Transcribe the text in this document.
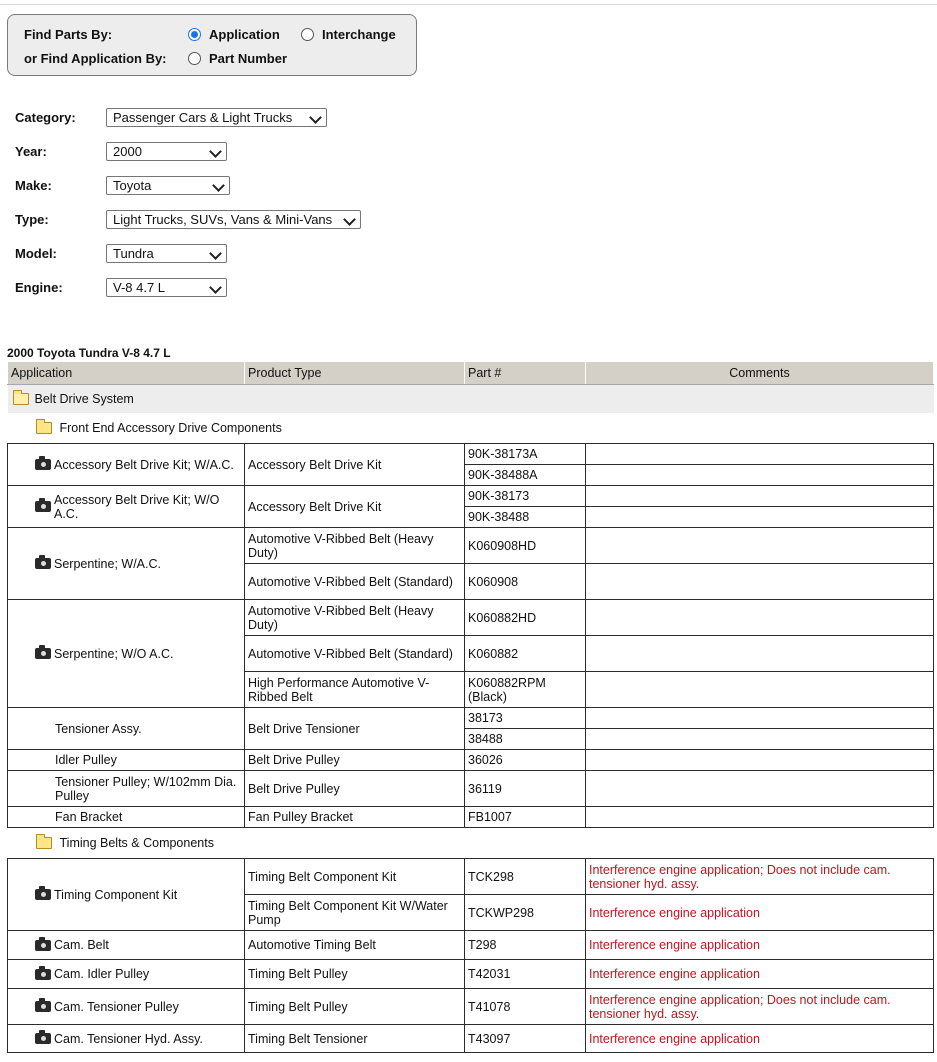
Find Parts By:
or Find Application By:
Application	Interchange
Part Number
Category:	Passenger Cars & Light Trucks
Year:	2000
Make:	Toyota
Type:	Light Trucks, SUVs, Vans & Mini-Vans
Model:	Tundra
Engine:	V-8 4.7 L
2000 Toyota Tundra V-8 4.7 L
Application	Product Type	Part #	Comments

Belt Drive System			

Front End Accessory Drive Components			

Accessory Belt Drive Kit; W/A.C.	Accessory Belt Drive Kit	90K-38173A	
		90K-38488A	

Accessory Belt Drive Kit; W/O A.C.	Accessory Belt Drive Kit	90K-38173	
		90K-38488	

Serpentine; W/A.C.	Automotive V-Ribbed Belt (Heavy Duty)	K060908HD	
	Automotive V-Ribbed Belt (Standard)	K060908	

Serpentine; W/O A.C.	Automotive V-Ribbed Belt (Heavy Duty)	K060882HD	
	Automotive V-Ribbed Belt (Standard)	K060882	
	High Performance Automotive V-Ribbed Belt	K060882RPM (Black)	
Tensioner Assy.	Belt Drive Tensioner	38173	
		38488	
Idler Pulley	Belt Drive Pulley	36026	
Tensioner Pulley; W/102mm Dia. Pulley	Belt Drive Pulley	36119	
Fan Bracket	Fan Pulley Bracket	FB1007	

Timing Belts & Components			

Timing Component Kit	Timing Belt Component Kit	TCK298	Interference engine application; Does not include cam. tensioner hyd. assy.
	Timing Belt Component Kit W/Water Pump	TCKWP298	Interference engine application

Cam. Belt	Automotive Timing Belt	T298	Interference engine application

Cam. Idler Pulley	Timing Belt Pulley	T42031	Interference engine application

Cam. Tensioner Pulley	Timing Belt Pulley	T41078	Interference engine application; Does not include cam. tensioner hyd. assy.

Cam. Tensioner Hyd. Assy.	Timing Belt Tensioner	T43097	Interference engine application
